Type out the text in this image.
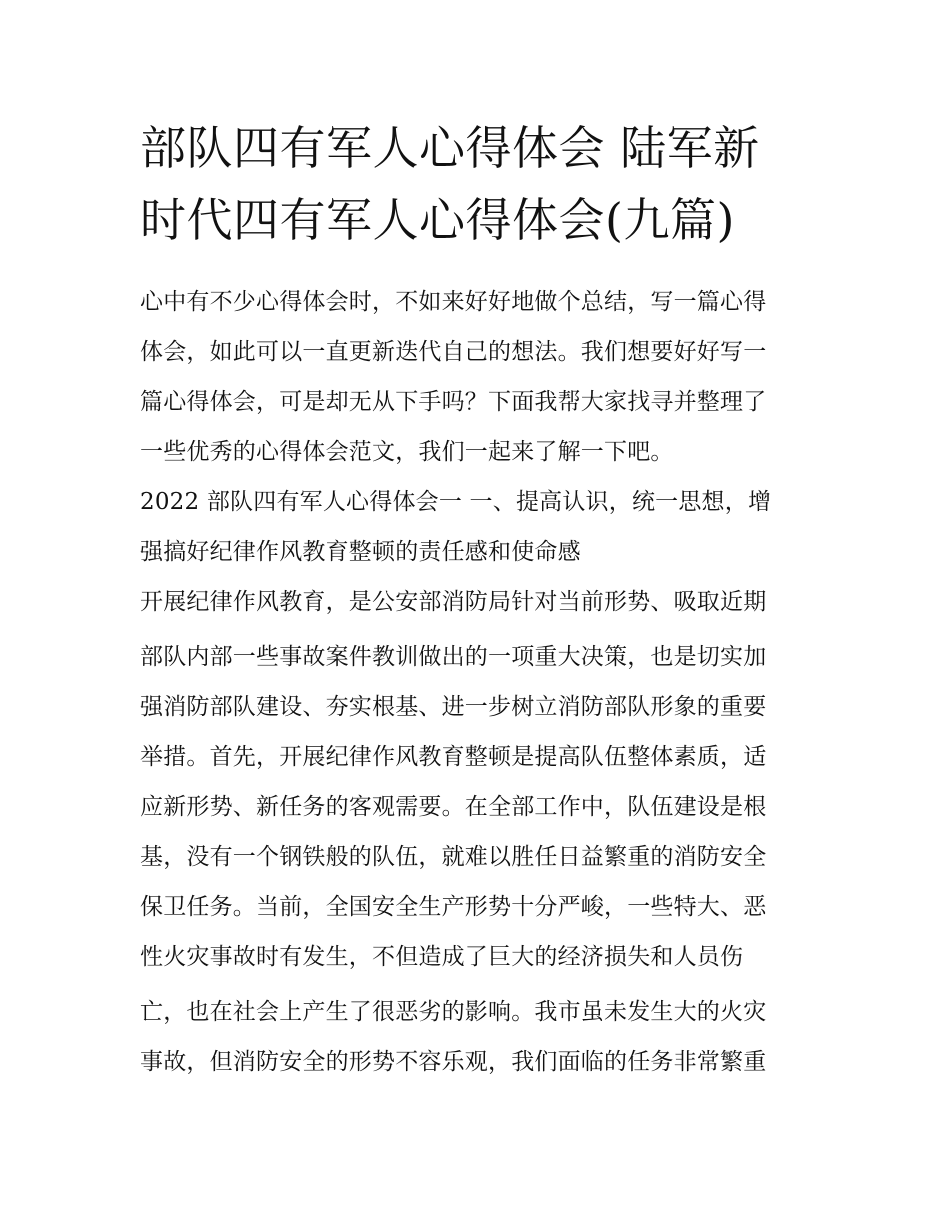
部队四有军人心得体会 陆军新
时代四有军人心得体会(九篇)
心中有不少心得体会时，不如来好好地做个总结，写一篇心得
体会，如此可以一直更新迭代自己的想法。我们想要好好写一
篇心得体会，可是却无从下手吗？下面我帮大家找寻并整理了
一些优秀的心得体会范文，我们一起来了解一下吧。
2022 部队四有军人心得体会一 一、提高认识，统一思想，增
强搞好纪律作风教育整顿的责任感和使命感
开展纪律作风教育，是公安部消防局针对当前形势、吸取近期
部队内部一些事故案件教训做出的一项重大决策，也是切实加
强消防部队建设、夯实根基、进一步树立消防部队形象的重要
举措。首先，开展纪律作风教育整顿是提高队伍整体素质，适
应新形势、新任务的客观需要。在全部工作中，队伍建设是根
基，没有一个钢铁般的队伍，就难以胜任日益繁重的消防安全
保卫任务。当前，全国安全生产形势十分严峻，一些特大、恶
性火灾事故时有发生，不但造成了巨大的经济损失和人员伤
亡，也在社会上产生了很恶劣的影响。我市虽未发生大的火灾
事故，但消防安全的形势不容乐观，我们面临的任务非常繁重
